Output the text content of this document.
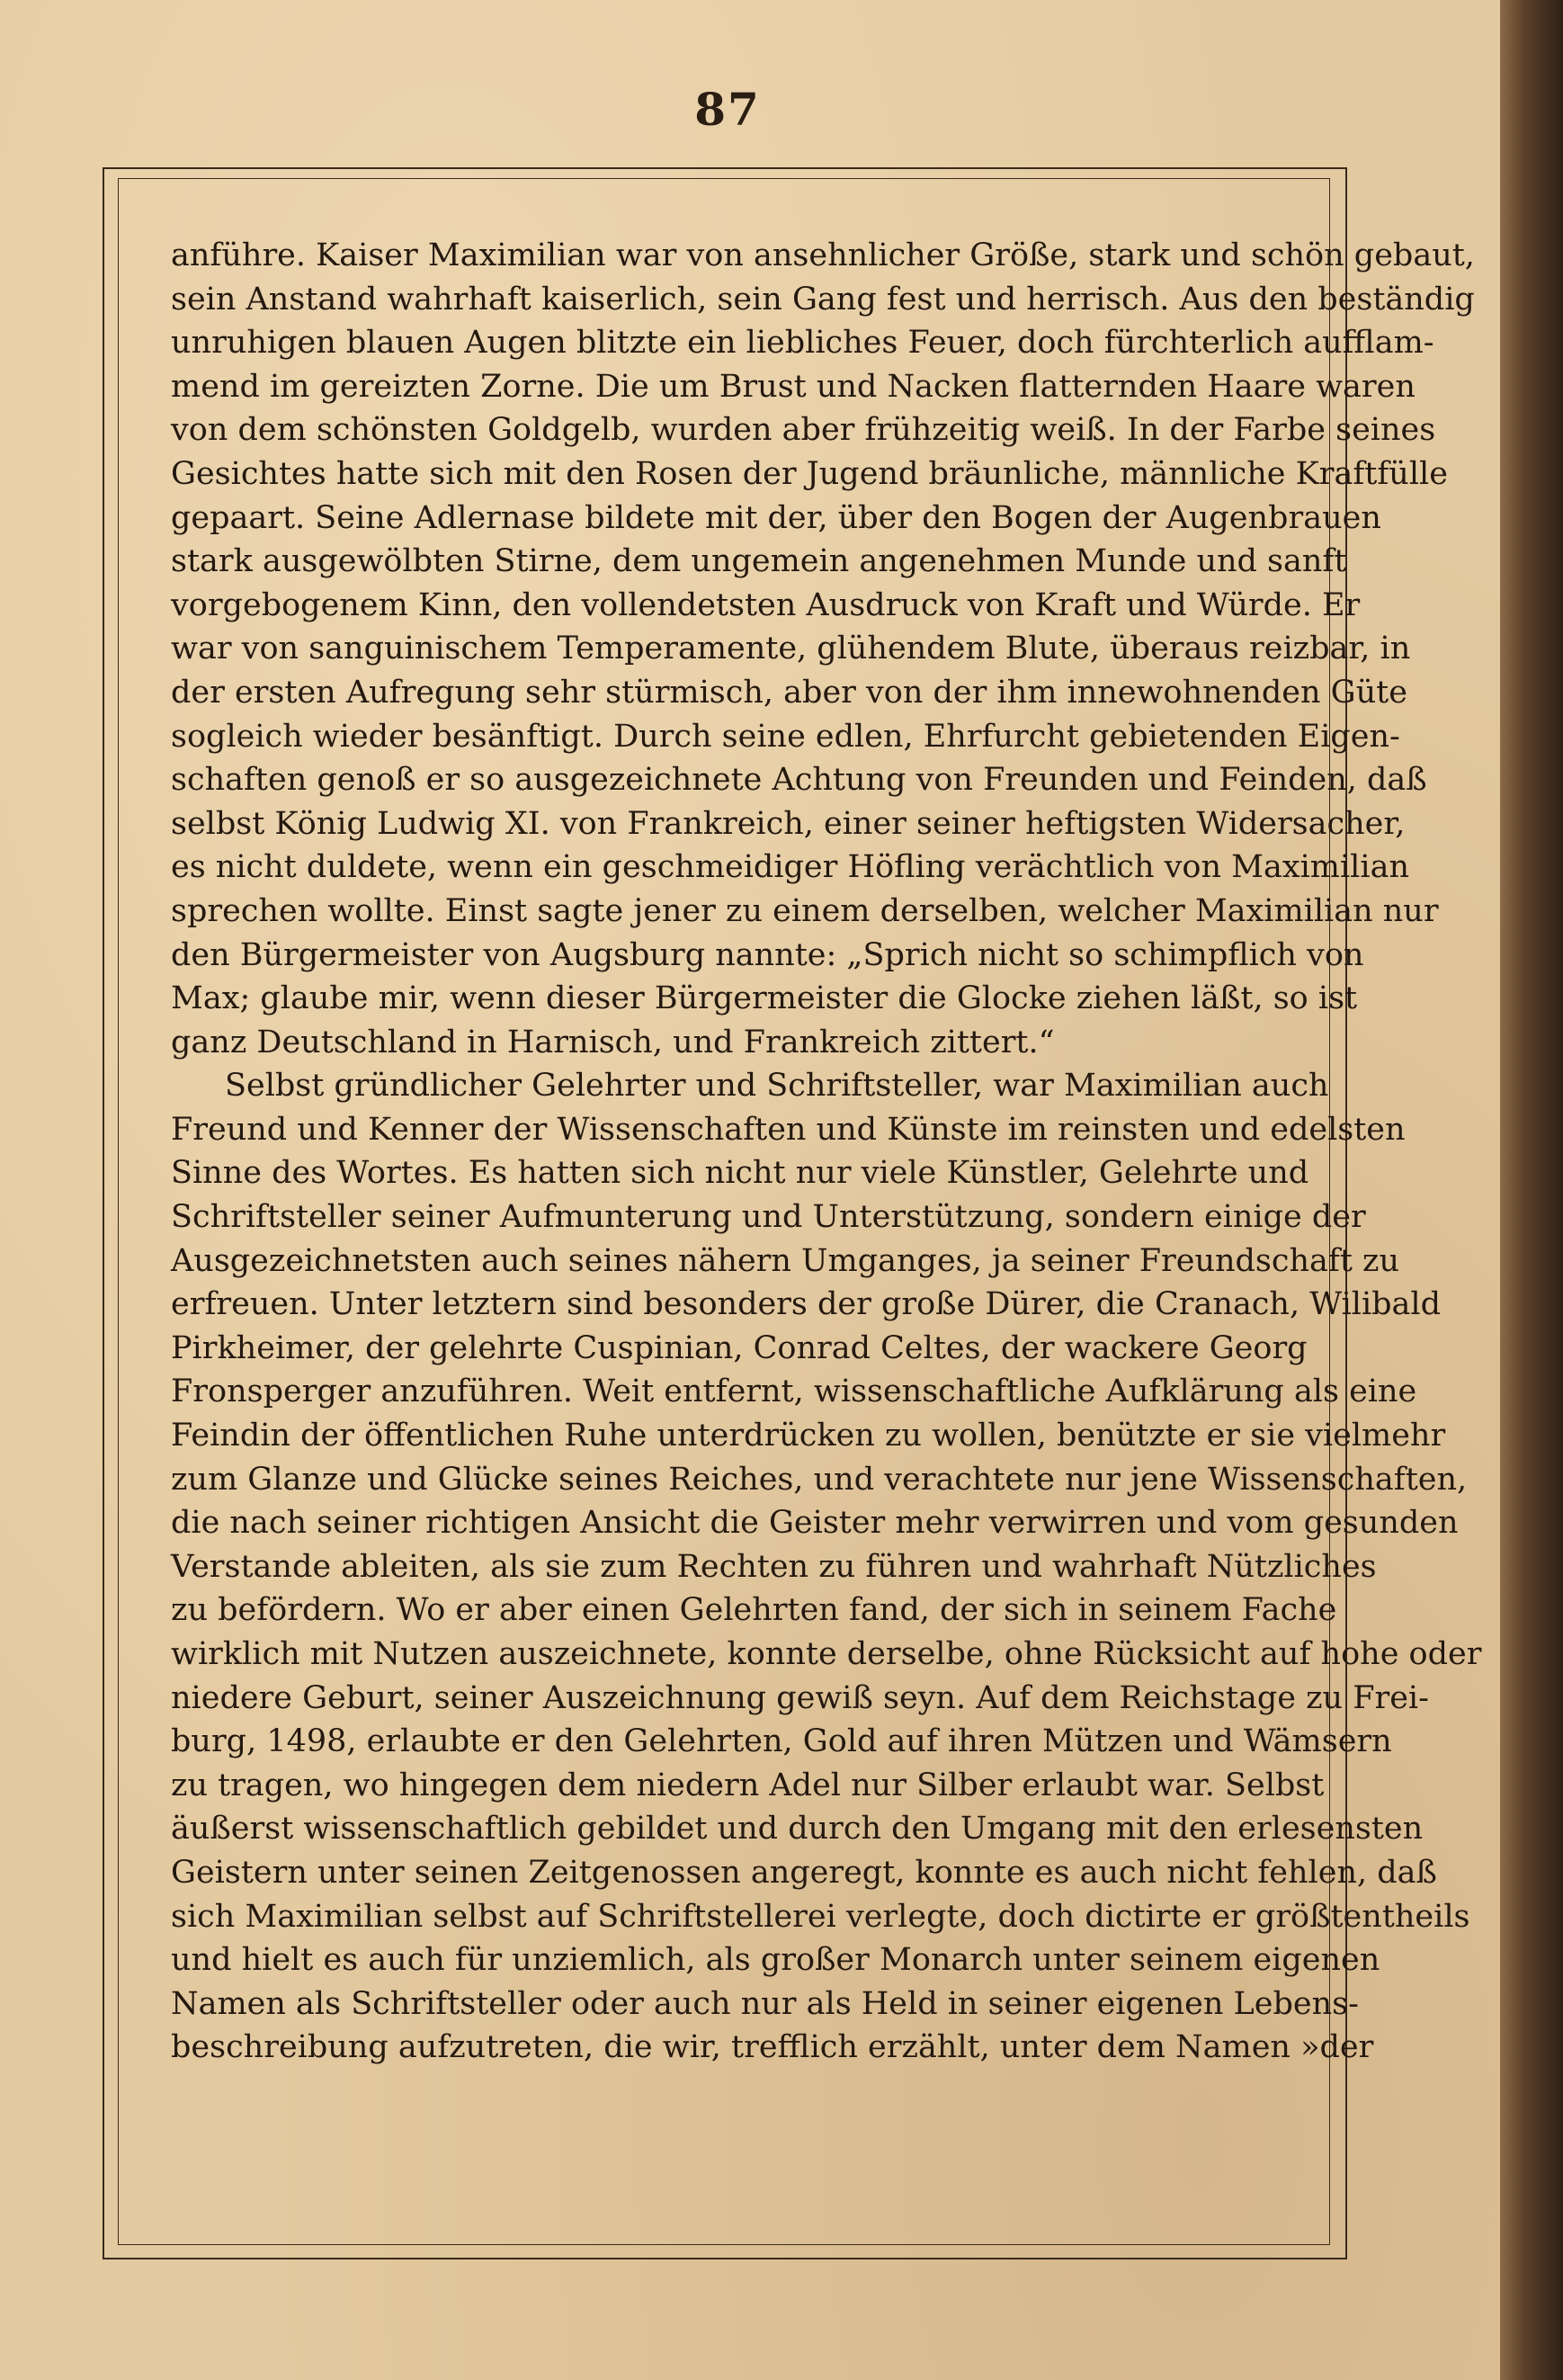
87
anführe. Kaiser Maximilian war von ansehnlicher Größe, stark und schön gebaut,
sein Anstand wahrhaft kaiserlich, sein Gang fest und herrisch. Aus den beständig
unruhigen blauen Augen blitzte ein liebliches Feuer, doch fürchterlich aufflam-
mend im gereizten Zorne. Die um Brust und Nacken flatternden Haare waren
von dem schönsten Goldgelb, wurden aber frühzeitig weiß. In der Farbe seines
Gesichtes hatte sich mit den Rosen der Jugend bräunliche, männliche Kraftfülle
gepaart. Seine Adlernase bildete mit der, über den Bogen der Augenbrauen
stark ausgewölbten Stirne, dem ungemein angenehmen Munde und sanft
vorgebogenem Kinn, den vollendetsten Ausdruck von Kraft und Würde. Er
war von sanguinischem Temperamente, glühendem Blute, überaus reizbar, in
der ersten Aufregung sehr stürmisch, aber von der ihm innewohnenden Güte
sogleich wieder besänftigt. Durch seine edlen, Ehrfurcht gebietenden Eigen-
schaften genoß er so ausgezeichnete Achtung von Freunden und Feinden, daß
selbst König Ludwig XI. von Frankreich, einer seiner heftigsten Widersacher,
es nicht duldete, wenn ein geschmeidiger Höfling verächtlich von Maximilian
sprechen wollte. Einst sagte jener zu einem derselben, welcher Maximilian nur
den Bürgermeister von Augsburg nannte: „Sprich nicht so schimpflich von
Max; glaube mir, wenn dieser Bürgermeister die Glocke ziehen läßt, so ist
ganz Deutschland in Harnisch, und Frankreich zittert.“
Selbst gründlicher Gelehrter und Schriftsteller, war Maximilian auch
Freund und Kenner der Wissenschaften und Künste im reinsten und edelsten
Sinne des Wortes. Es hatten sich nicht nur viele Künstler, Gelehrte und
Schriftsteller seiner Aufmunterung und Unterstützung, sondern einige der
Ausgezeichnetsten auch seines nähern Umganges, ja seiner Freundschaft zu
erfreuen. Unter letztern sind besonders der große Dürer, die Cranach, Wilibald
Pirkheimer, der gelehrte Cuspinian, Conrad Celtes, der wackere Georg
Fronsperger anzuführen. Weit entfernt, wissenschaftliche Aufklärung als eine
Feindin der öffentlichen Ruhe unterdrücken zu wollen, benützte er sie vielmehr
zum Glanze und Glücke seines Reiches, und verachtete nur jene Wissenschaften,
die nach seiner richtigen Ansicht die Geister mehr verwirren und vom gesunden
Verstande ableiten, als sie zum Rechten zu führen und wahrhaft Nützliches
zu befördern. Wo er aber einen Gelehrten fand, der sich in seinem Fache
wirklich mit Nutzen auszeichnete, konnte derselbe, ohne Rücksicht auf hohe oder
niedere Geburt, seiner Auszeichnung gewiß seyn. Auf dem Reichstage zu Frei-
burg, 1498, erlaubte er den Gelehrten, Gold auf ihren Mützen und Wämsern
zu tragen, wo hingegen dem niedern Adel nur Silber erlaubt war. Selbst
äußerst wissenschaftlich gebildet und durch den Umgang mit den erlesensten
Geistern unter seinen Zeitgenossen angeregt, konnte es auch nicht fehlen, daß
sich Maximilian selbst auf Schriftstellerei verlegte, doch dictirte er größtentheils
und hielt es auch für unziemlich, als großer Monarch unter seinem eigenen
Namen als Schriftsteller oder auch nur als Held in seiner eigenen Lebens-
beschreibung aufzutreten, die wir, trefflich erzählt, unter dem Namen »der
